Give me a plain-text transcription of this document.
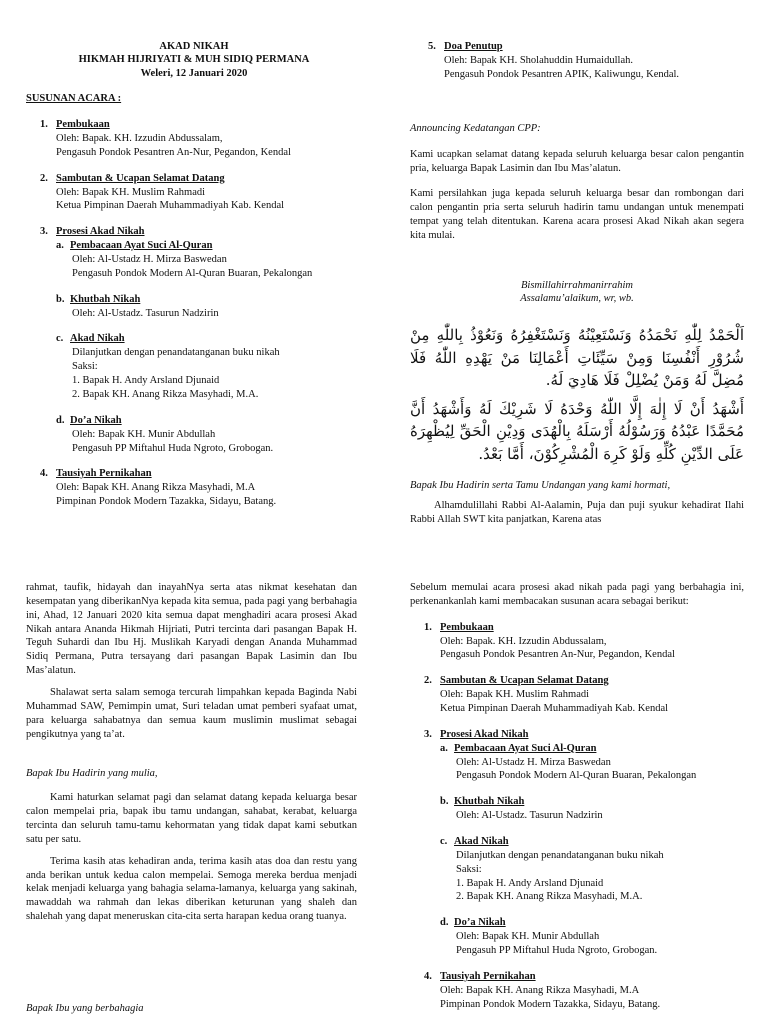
AKAD NIKAH
HIKMAH HIJRIYATI & MUH SIDIQ PERMANA
Weleri, 12 Januari 2020
SUSUNAN ACARA :
1. Pembukaan
Oleh: Bapak. KH. Izzudin Abdussalam,
Pengasuh Pondok Pesantren An-Nur, Pegandon, Kendal
2. Sambutan & Ucapan Selamat Datang
Oleh: Bapak KH. Muslim Rahmadi
Ketua Pimpinan Daerah Muhammadiyah Kab. Kendal
3. Prosesi Akad Nikah
a. Pembacaan Ayat Suci Al-Quran
Oleh: Al-Ustadz H. Mirza Baswedan
Pengasuh Pondok Modern Al-Quran Buaran, Pekalongan
b. Khutbah Nikah
Oleh: Al-Ustadz. Tasurun Nadzirin
c. Akad Nikah
Dilanjutkan dengan penandatanganan buku nikah
Saksi:
1. Bapak H. Andy Arsland Djunaid
2. Bapak KH. Anang Rikza Masyhadi, M.A.
d. Do’a Nikah
Oleh: Bapak KH. Munir Abdullah
Pengasuh PP Miftahul Huda Ngroto, Grobogan.
4. Tausiyah Pernikahan
Oleh: Bapak KH. Anang Rikza Masyhadi, M.A
Pimpinan Pondok Modern Tazakka, Sidayu, Batang.
5. Doa Penutup
Oleh: Bapak KH. Sholahuddin Humaidullah.
Pengasuh Pondok Pesantren APIK, Kaliwungu, Kendal.

Announcing Kedatangan CPP:

Kami ucapkan selamat datang kepada seluruh keluarga besar calon pengantin pria, keluarga Bapak Lasimin dan Ibu Mas’alatun.

Kami persilahkan juga kepada seluruh keluarga besar dan rombongan dari calon pengantin pria serta seluruh hadirin tamu undangan untuk menempati tempat yang telah ditentukan. Karena acara prosesi Akad Nikah akan segera kita mulai.

Bismillahirrahmanirrahim

Assalamu’alaikum, wr, wb.

اَلْحَمْدُ لِلّٰهِ نَحْمَدُهُ وَنَسْتَعِيْنُهُ وَنَسْتَغْفِرُهُ وَنَعُوْذُ بِاللّٰهِ مِنْ شُرُوْرِ أَنْفُسِنَا وَمِنْ سَيِّئَاتِ أَعْمَالِنَا مَنْ يَهْدِهِ اللّٰهُ فَلَا مُضِلَّ لَهُ وَمَنْ يُضْلِلْ فَلَا هَادِيَ لَهُ.

أَشْهَدُ أَنْ لَا إِلٰهَ إِلَّا اللّٰهُ وَحْدَهُ لَا شَرِيْكَ لَهُ وَأَشْهَدُ أَنَّ مُحَمَّدًا عَبْدُهُ وَرَسُوْلُهُ أَرْسَلَهُ بِالْهُدَى وَدِيْنِ الْحَقِّ لِيُظْهِرَهُ عَلَى الدِّيْنِ كُلِّهِ وَلَوْ كَرِهَ الْمُشْرِكُوْنَ، أَمَّا بَعْدُ.

Bapak Ibu Hadirin serta Tamu Undangan yang kami hormati,

Alhamdulillahi Rabbi Al-Aalamin, Puja dan puji syukur kehadirat Ilahi Rabbi Allah SWT kita panjatkan, Karena atas

rahmat, taufik, hidayah dan inayahNya serta atas nikmat kesehatan dan kesempatan yang diberikanNya kepada kita semua, pada pagi yang berbahagia ini, Ahad, 12 Januari 2020 kita semua dapat menghadiri acara prosesi Akad Nikah antara Ananda Hikmah Hijriati, Putri tercinta dari pasangan Bapak H. Teguh Suhardi dan Ibu Hj. Muslikah Karyadi dengan Ananda Muhammad Sidiq Permana, Putra tersayang dari pasangan Bapak Lasimin dan Ibu Mas’alatun.

Shalawat serta salam semoga tercurah limpahkan kepada Baginda Nabi Muhammad SAW, Pemimpin umat, Suri teladan umat pemberi syafaat umat, para keluarga sahabatnya dan semua kaum muslimin muslimat sebagai pengikutnya yang ta’at.

Bapak Ibu Hadirin yang mulia,

Kami haturkan selamat pagi dan selamat datang kepada keluarga besar calon mempelai pria, bapak ibu tamu undangan, sahabat, kerabat, keluarga tercinta dan seluruh tamu-tamu kehormatan yang tidak dapat kami sebutkan satu per satu.

Terima kasih atas kehadiran anda, terima kasih atas doa dan restu yang anda berikan untuk kedua calon mempelai. Semoga mereka berdua menjadi kelak menjadi keluarga yang bahagia selama-lamanya, keluarga yang sakinah, mawaddah wa rahmah dan lekas diberikan keturunan yang shaleh dan shalehah yang dapat meneruskan cita-cita serta harapan kedua orang tuanya.

Bapak Ibu yang berbahagia

Sebelum memulai acara prosesi akad nikah pada pagi yang berbahagia ini, perkenankanlah kami membacakan susunan acara sebagai berikut:

1. Pembukaan
Oleh: Bapak. KH. Izzudin Abdussalam,
Pengasuh Pondok Pesantren An-Nur, Pegandon, Kendal
2. Sambutan & Ucapan Selamat Datang
Oleh: Bapak KH. Muslim Rahmadi
Ketua Pimpinan Daerah Muhammadiyah Kab. Kendal
3. Prosesi Akad Nikah
a. Pembacaan Ayat Suci Al-Quran
Oleh: Al-Ustadz H. Mirza Baswedan
Pengasuh Pondok Modern Al-Quran Buaran, Pekalongan
b. Khutbah Nikah
Oleh: Al-Ustadz. Tasurun Nadzirin
c. Akad Nikah
Dilanjutkan dengan penandatanganan buku nikah
Saksi:
1. Bapak H. Andy Arsland Djunaid
2. Bapak KH. Anang Rikza Masyhadi, M.A.
d. Do’a Nikah
Oleh: Bapak KH. Munir Abdullah
Pengasuh PP Miftahul Huda Ngroto, Grobogan.
4. Tausiyah Pernikahan
Oleh: Bapak KH. Anang Rikza Masyhadi, M.A
Pimpinan Pondok Modern Tazakka, Sidayu, Batang.
